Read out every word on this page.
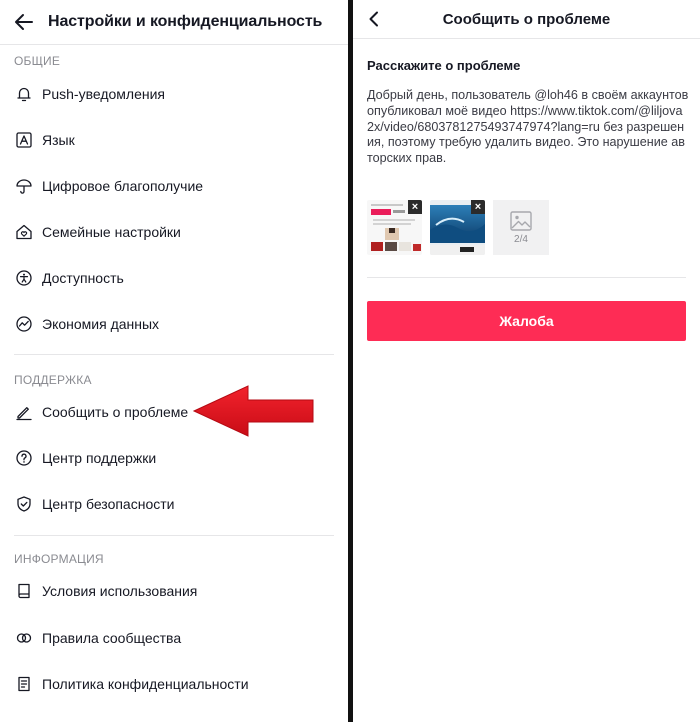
Настройки и конфиденциальность
ОБЩИЕ
Push-уведомления
Язык
Цифровое благополучие
Семейные настройки
Доступность
Экономия данных
ПОДДЕРЖКА
Сообщить о проблеме
Центр поддержки
Центр безопасности
ИНФОРМАЦИЯ
Условия использования
Правила сообщества
Политика конфиденциальности
Сообщить о проблеме
Расскажите о проблеме
Добрый день, пользователь @loh46 в своём аккаунтов опубликовал моё видео https://www.tiktok.com/@liljova2x/video/6803781275493747974?lang=ru без разрешения, поэтому требую удалить видео. Это нарушение авторских прав.
×	×
2/4
Жалоба
